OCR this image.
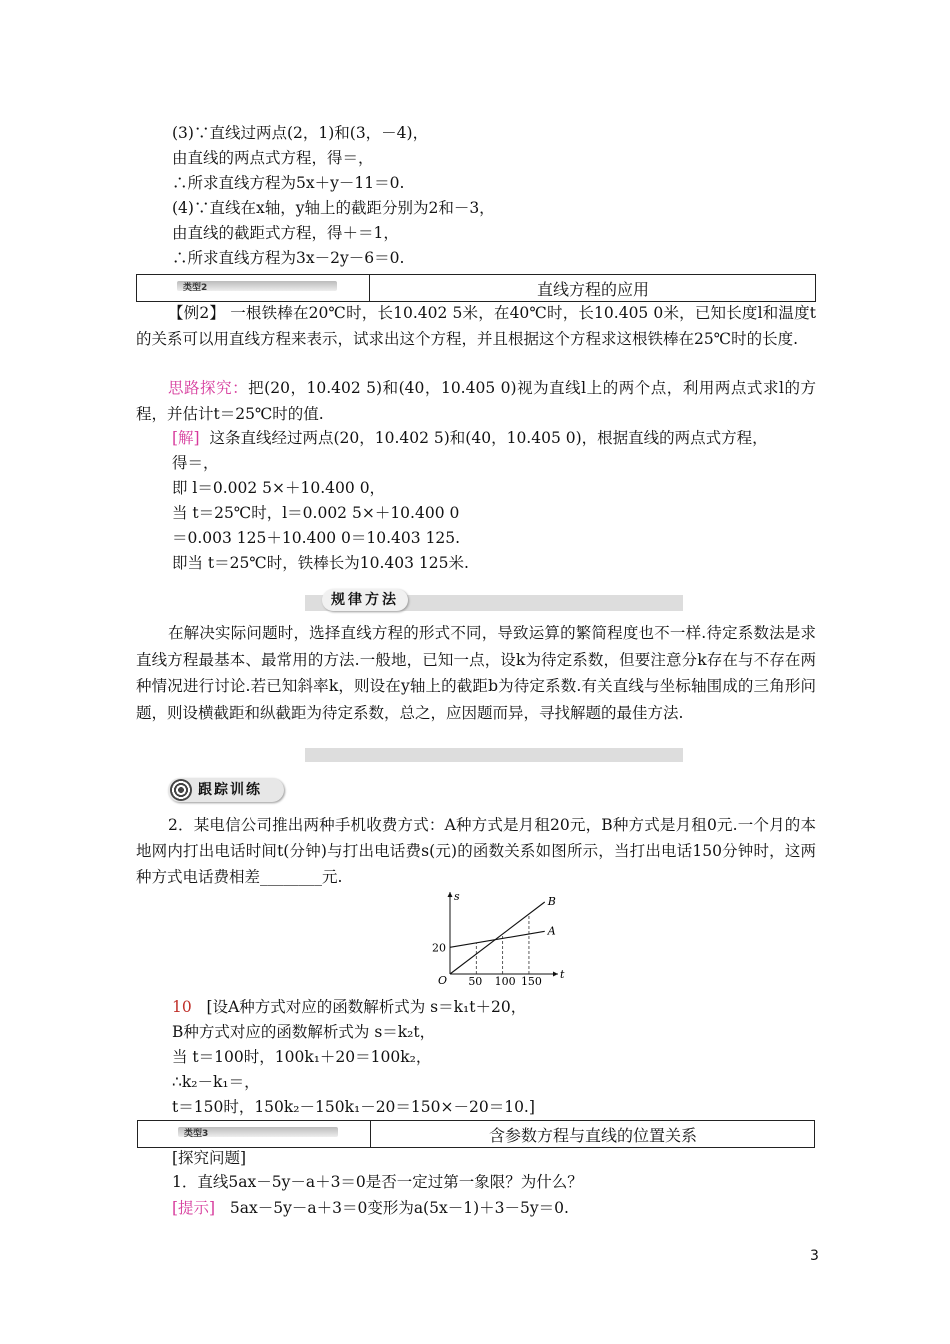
(3)∵直线过两点(2，1)和(3，－4)，
由直线的两点式方程，得＝，
∴所求直线方程为5x＋y－11＝0.
(4)∵直线在x轴，y轴上的截距分别为2和－3，
由直线的截距式方程，得＋＝1，
∴所求直线方程为3x－2y－6＝0.
类型2	直线方程的应用
【例2】 一根铁棒在20℃时，长10.402 5米，在40℃时，长10.405 0米，已知长度l和温度t的关系可以用直线方程来表示，试求出这个方程，并且根据这个方程求这根铁棒在25℃时的长度.
思路探究：把(20，10.402 5)和(40，10.405 0)视为直线l上的两个点，利用两点式求l的方程，并估计t＝25℃时的值.
[解] 这条直线经过两点(20，10.402 5)和(40，10.405 0)，根据直线的两点式方程，
得＝，
即 l＝0.002 5×＋10.400 0，
当 t＝25℃时，l＝0.002 5×＋10.400 0
＝0.003 125＋10.400 0＝10.403 125.
即当 t＝25℃时，铁棒长为10.403 125米.
规律方法
在解决实际问题时，选择直线方程的形式不同，导致运算的繁简程度也不一样.待定系数法是求直线方程最基本、最常用的方法.一般地，已知一点，设k为待定系数，但要注意分k存在与不存在两种情况进行讨论.若已知斜率k，则设在y轴上的截距b为待定系数.有关直线与坐标轴围成的三角形问题，则设横截距和纵截距为待定系数，总之，应因题而异，寻找解题的最佳方法.
跟踪训练
2．某电信公司推出两种手机收费方式：A种方式是月租20元，B种方式是月租0元.一个月的本地网内打出电话时间t(分钟)与打出电话费s(元)的函数关系如图所示，当打出电话150分钟时，这两种方式电话费相差________元.
t
s
O 50 100 150
20
A
B
10 [设A种方式对应的函数解析式为 s＝k₁t＋20，
B种方式对应的函数解析式为 s＝k₂t，
当 t＝100时，100k₁＋20＝100k₂，
∴k₂－k₁＝，
t＝150时，150k₂－150k₁－20＝150×－20＝10.]
类型3	含参数方程与直线的位置关系
[探究问题]
1．直线5ax－5y－a＋3＝0是否一定过第一象限？为什么？
[提示] 5ax－5y－a＋3＝0变形为a(5x－1)＋3－5y＝0.
3
